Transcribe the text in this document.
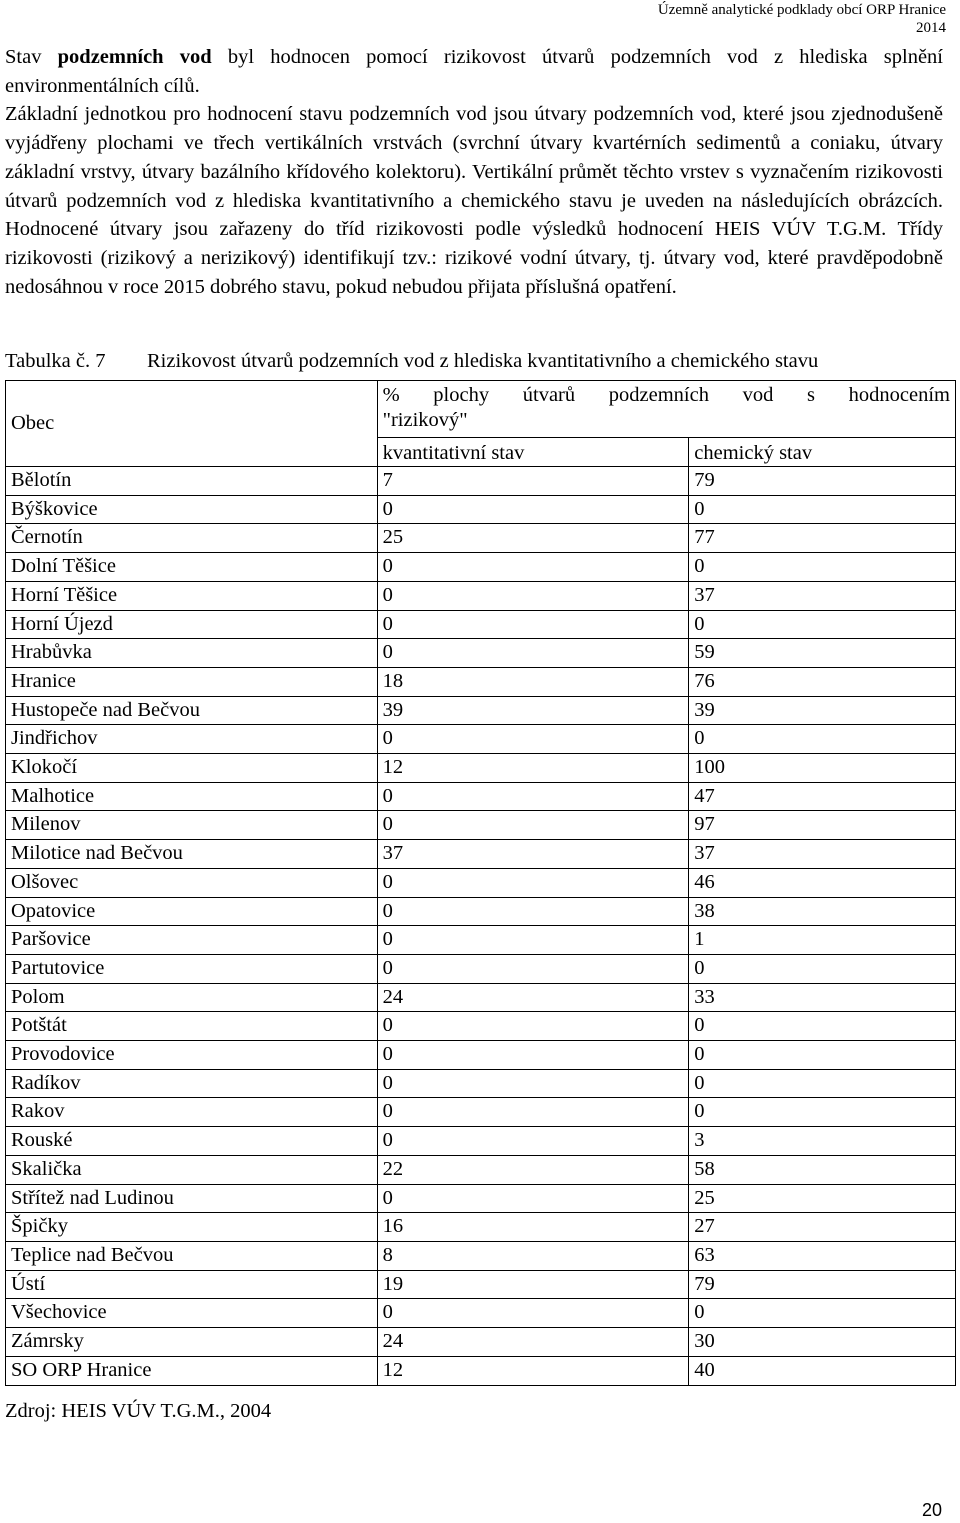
Územně analytické podklady obcí ORP Hranice
2014

Stav podzemních vod byl hodnocen pomocí rizikovost útvarů podzemních vod z hlediska splnění environmentálních cílů.

Základní jednotkou pro hodnocení stavu podzemních vod jsou útvary podzemních vod, které jsou zjednodušeně vyjádřeny plochami ve třech vertikálních vrstvách (svrchní útvary kvartérních sedimentů a coniaku, útvary základní vrstvy, útvary bazálního křídového kolektoru). Vertikální průmět těchto vrstev s vyznačením rizikovosti útvarů podzemních vod z hlediska kvantitativního a chemického stavu je uveden na následujících obrázcích. Hodnocené útvary jsou zařazeny do tříd rizikovosti podle výsledků hodnocení HEIS VÚV T.G.M. Třídy rizikovosti (rizikový a nerizikový) identifikují tzv.: rizikové vodní útvary, tj. útvary vod, které pravděpodobně nedosáhnou v roce 2015 dobrého stavu, pokud nebudou přijata příslušná opatření.

Tabulka č. 7 Rizikovost útvarů podzemních vod z hlediska kvantitativního a chemického stavu
Obec	% plochy útvarů podzemních vod s hodnocením
"rizikový"	

	kvantitativní stav	chemický stav
Bělotín	7	79
Býškovice	0	0
Černotín	25	77
Dolní Těšice	0	0
Horní Těšice	0	37
Horní Újezd	0	0
Hrabůvka	0	59
Hranice	18	76
Hustopeče nad Bečvou	39	39
Jindřichov	0	0
Klokočí	12	100
Malhotice	0	47
Milenov	0	97
Milotice nad Bečvou	37	37
Olšovec	0	46
Opatovice	0	38
Paršovice	0	1
Partutovice	0	0
Polom	24	33
Potštát	0	0
Provodovice	0	0
Radíkov	0	0
Rakov	0	0
Rouské	0	3
Skalička	22	58
Střítež nad Ludinou	0	25
Špičky	16	27
Teplice nad Bečvou	8	63
Ústí	19	79
Všechovice	0	0
Zámrsky	24	30
SO ORP Hranice	12	40
Zdroj: HEIS VÚV T.G.M., 2004
20
